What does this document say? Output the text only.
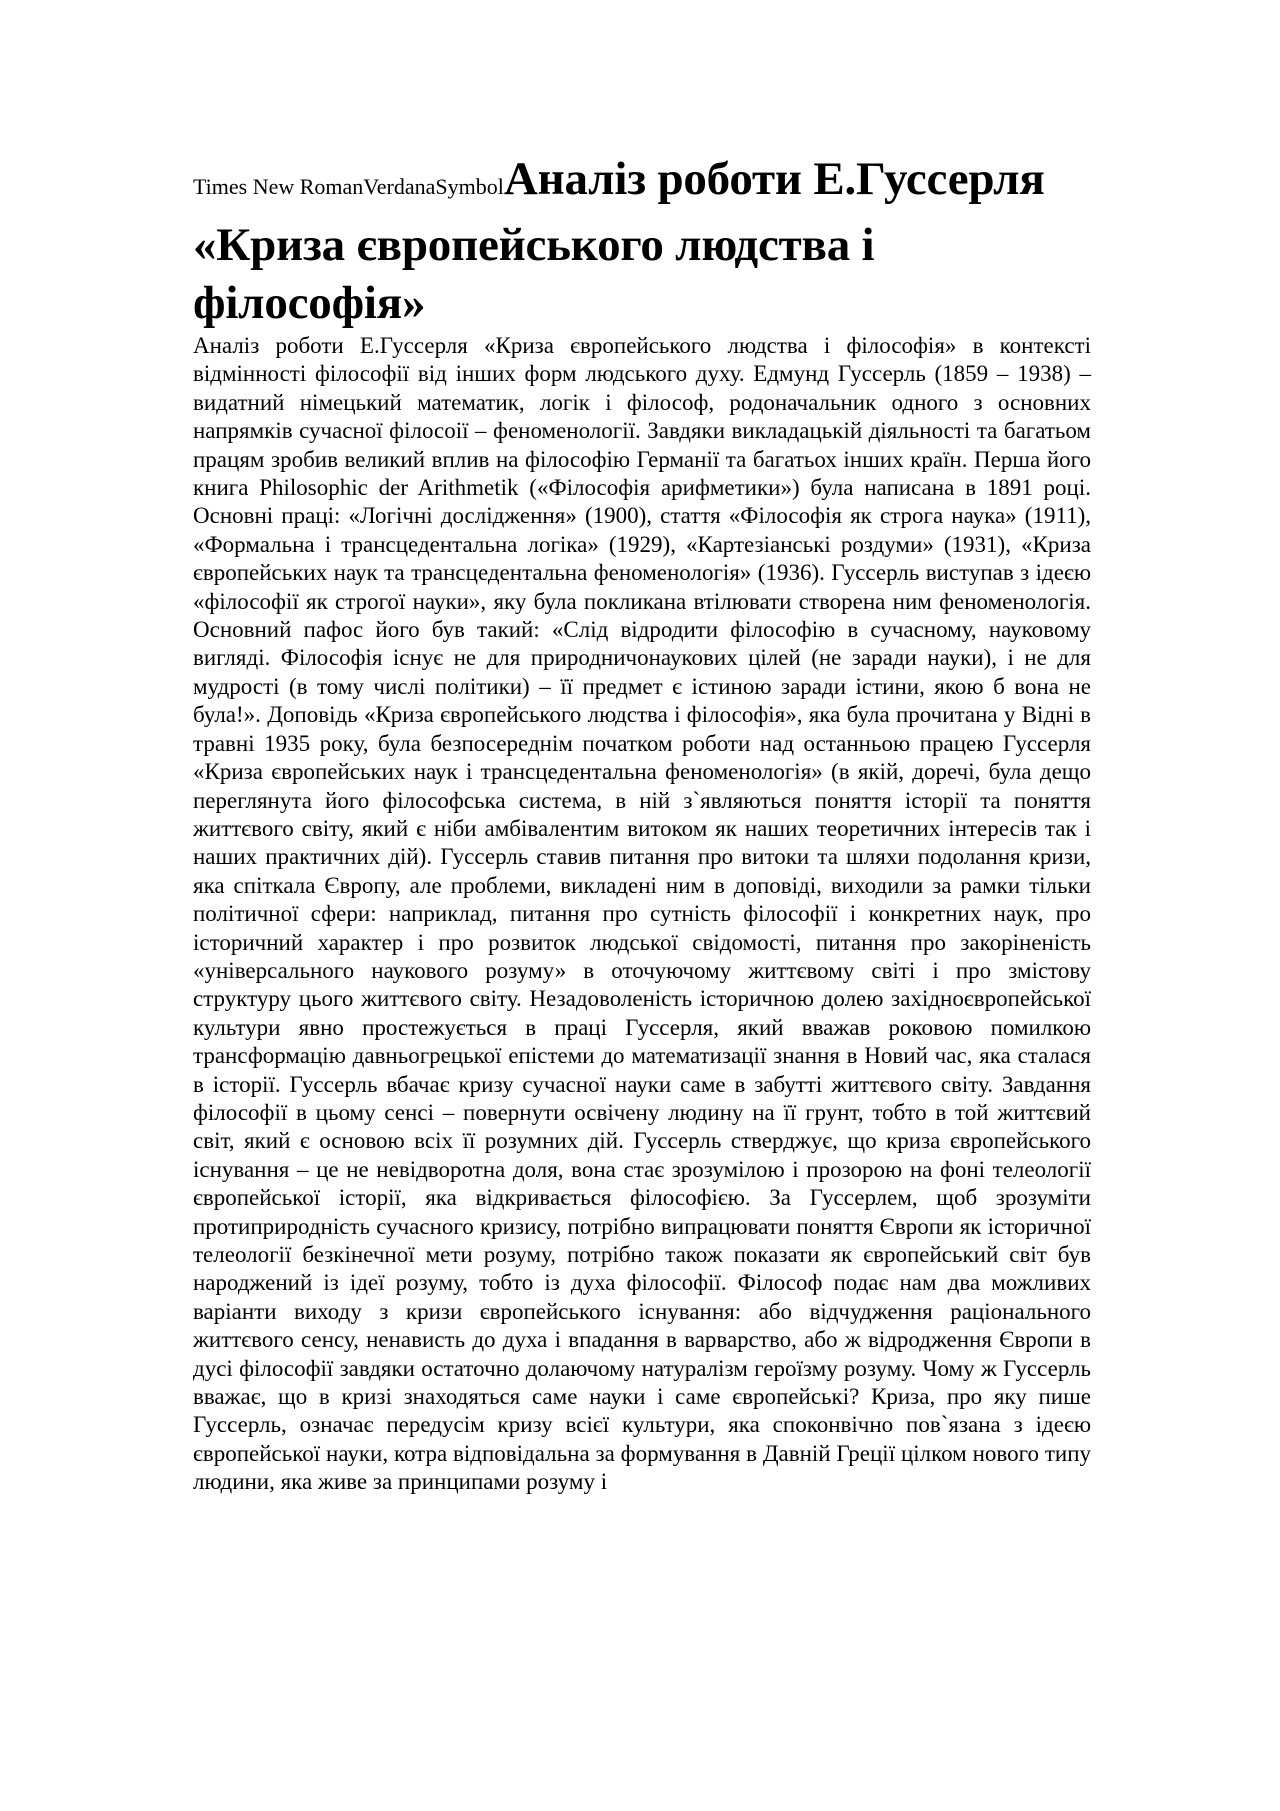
Times New RomanVerdanaSymbolАналіз роботи Е.Гуссерля «Криза європейського людства і філософія»

Аналіз роботи Е.Гуссерля «Криза європейського людства і філософія» в контексті відмінності філософії від інших форм людського духу. Едмунд Гуссерль (1859 – 1938) – видатний німецький математик, логік і філософ, родоначальник одного з основних напрямків сучасної філосоії – феноменології. Завдяки викладацькій діяльності та багатьом працям зробив великий вплив на філософію Германії та багатьох інших країн. Перша його книга Philosophic der Arithmetik («Філософія арифметики») була написана в 1891 році. Основні праці: «Логічні дослідження» (1900), стаття «Філософія як строга наука» (1911), «Формальна і трансцедентальна логіка» (1929), «Картезіанські роздуми» (1931), «Криза європейських наук та трансцедентальна феноменологія» (1936). Гуссерль виступав з ідеєю «філософії як строгої науки», яку була покликана втілювати створена ним феноменологія. Основний пафос його був такий: «Слід відродити філософію в сучасному, науковому вигляді. Філософія існує не для природничонаукових цілей (не заради науки), і не для мудрості (в тому числі політики) – її предмет є істиною заради істини, якою б вона не була!». Доповідь «Криза європейського людства і філософія», яка була прочитана у Відні в травні 1935 року, була безпосереднім початком роботи над останньою працею Гуссерля «Криза європейських наук і трансцедентальна феноменологія» (в якій, доречі, була дещо переглянута його філософська система, в ній з`являються поняття історії та поняття життєвого світу, який є ніби амбівалентим витоком як наших теоретичних інтересів так і наших практичних дій). Гуссерль ставив питання про витоки та шляхи подолання кризи, яка спіткала Європу, але проблеми, викладені ним в доповіді, виходили за рамки тільки політичної сфери: наприклад, питання про сутність філософії і конкретних наук, про історичний характер і про розвиток людської свідомості, питання про закоріненість «універсального наукового розуму» в оточуючому життєвому світі і про змістову структуру цього життєвого світу. Незадоволеність історичною долею західноєвропейської культури явно простежується в праці Гуссерля, який вважав роковою помилкою трансформацію давньогрецької епістеми до математизації знання в Новий час, яка сталася в історії. Гуссерль вбачає кризу сучасної науки саме в забутті життєвого світу. Завдання філософії в цьому сенсі – повернути освічену людину на її грунт, тобто в той життєвий світ, який є основою всіх її розумних дій. Гуссерль стверджує, що криза європейського існування – це не невідворотна доля, вона стає зрозумілою і прозорою на фоні телеології європейської історії, яка відкривається філософією. За Гуссерлем, щоб зрозуміти протиприродність сучасного кризису, потрібно випрацювати поняття Європи як історичної телеології безкінечної мети розуму, потрібно також показати як європейський світ був народжений із ідеї розуму, тобто із духа філософії. Філософ подає нам два можливих варіанти виходу з кризи європейського існування: або відчудження раціонального життєвого сенсу, ненависть до духа і впадання в варварство, або ж відродження Європи в дусі філософії завдяки остаточно долаючому натуралізм героїзму розуму. Чому ж Гуссерль вважає, що в кризі знаходяться саме науки і саме європейські? Криза, про яку пише Гуссерль, означає передусім кризу всієї культури, яка споконвічно пов`язана з ідеєю європейської науки, котра відповідальна за формування в Давній Греції цілком нового типу людини, яка живе за принципами розуму і
